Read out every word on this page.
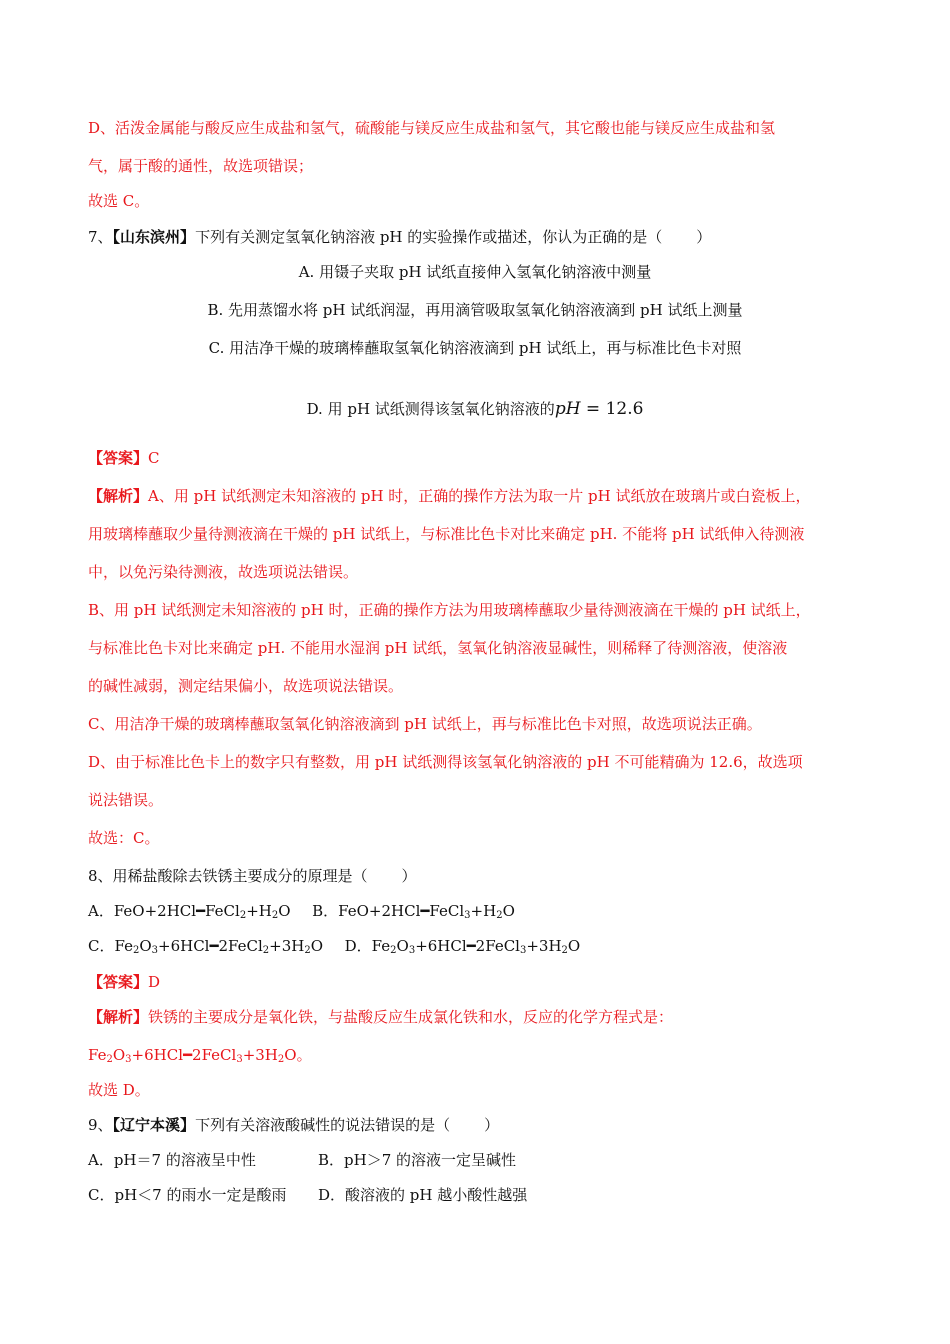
D、活泼金属能与酸反应生成盐和氢气，硫酸能与镁反应生成盐和氢气，其它酸也能与镁反应生成盐和氢
气，属于酸的通性，故选项错误；
故选 C。
7、【山东滨州】下列有关测定氢氧化钠溶液 pH 的实验操作或描述，你认为正确的是（ ）
A. 用镊子夹取 pH 试纸直接伸入氢氧化钠溶液中测量
B. 先用蒸馏水将 pH 试纸润湿，再用滴管吸取氢氧化钠溶液滴到 pH 试纸上测量
C. 用洁净干燥的玻璃棒蘸取氢氧化钠溶液滴到 pH 试纸上，再与标准比色卡对照
D. 用 pH 试纸测得该氢氧化钠溶液的pH = 12.6
【答案】C
【解析】A、用 pH 试纸测定未知溶液的 pH 时，正确的操作方法为取一片 pH 试纸放在玻璃片或白瓷板上，
用玻璃棒蘸取少量待测液滴在干燥的 pH 试纸上，与标准比色卡对比来确定 pH. 不能将 pH 试纸伸入待测液
中，以免污染待测液，故选项说法错误。
B、用 pH 试纸测定未知溶液的 pH 时，正确的操作方法为用玻璃棒蘸取少量待测液滴在干燥的 pH 试纸上，
与标准比色卡对比来确定 pH. 不能用水湿润 pH 试纸，氢氧化钠溶液显碱性，则稀释了待测溶液，使溶液
的碱性减弱，测定结果偏小，故选项说法错误。
C、用洁净干燥的玻璃棒蘸取氢氧化钠溶液滴到 pH 试纸上，再与标准比色卡对照，故选项说法正确。
D、由于标准比色卡上的数字只有整数，用 pH 试纸测得该氢氧化钠溶液的 pH 不可能精确为 12.6，故选项
说法错误。
故选：C。
8、用稀盐酸除去铁锈主要成分的原理是（ ）
A．$FeO+2HCl━FeCl_2+H_2O$ B．$FeO+2HCl━FeCl_3+H_2O$
C．$Fe_2O_3+6HCl━2FeCl_2+3H_2O$ D．$Fe_2O_3+6HCl━2FeCl_3+3H_2O$
【答案】D
【解析】铁锈的主要成分是氧化铁，与盐酸反应生成氯化铁和水，反应的化学方程式是：
$Fe_2O_3+6HCl━2FeCl_3+3H_2O$。
故选 D。
9、【辽宁本溪】下列有关溶液酸碱性的说法错误的是（ ）
A．pH＝7 的溶液呈中性	B．pH＞7 的溶液一定呈碱性
C．pH＜7 的雨水一定是酸雨 D．酸溶液的 pH 越小酸性越强
